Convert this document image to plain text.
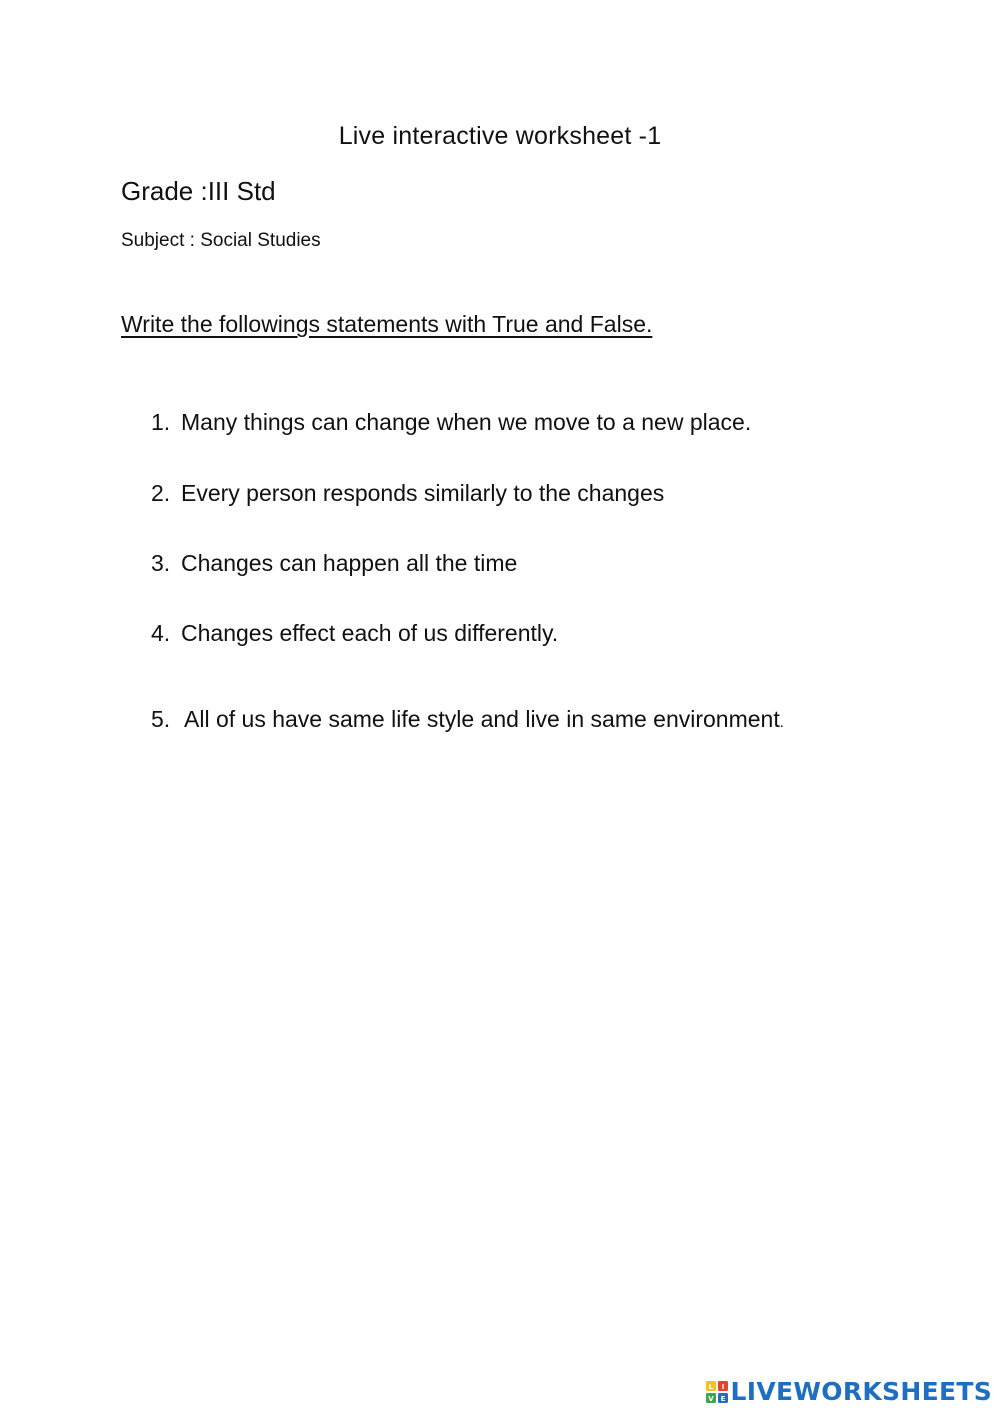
Live interactive worksheet -1
Grade :III Std
Subject : Social Studies
Write the followings statements with True and False.
1. Many things can change when we move to a new place.
2. Every person responds similarly to the changes
3. Changes can happen all the time
4. Changes effect each of us differently.
5. All of us have same life style and live in same environment.
L I
V E LIVEWORKSHEETS
